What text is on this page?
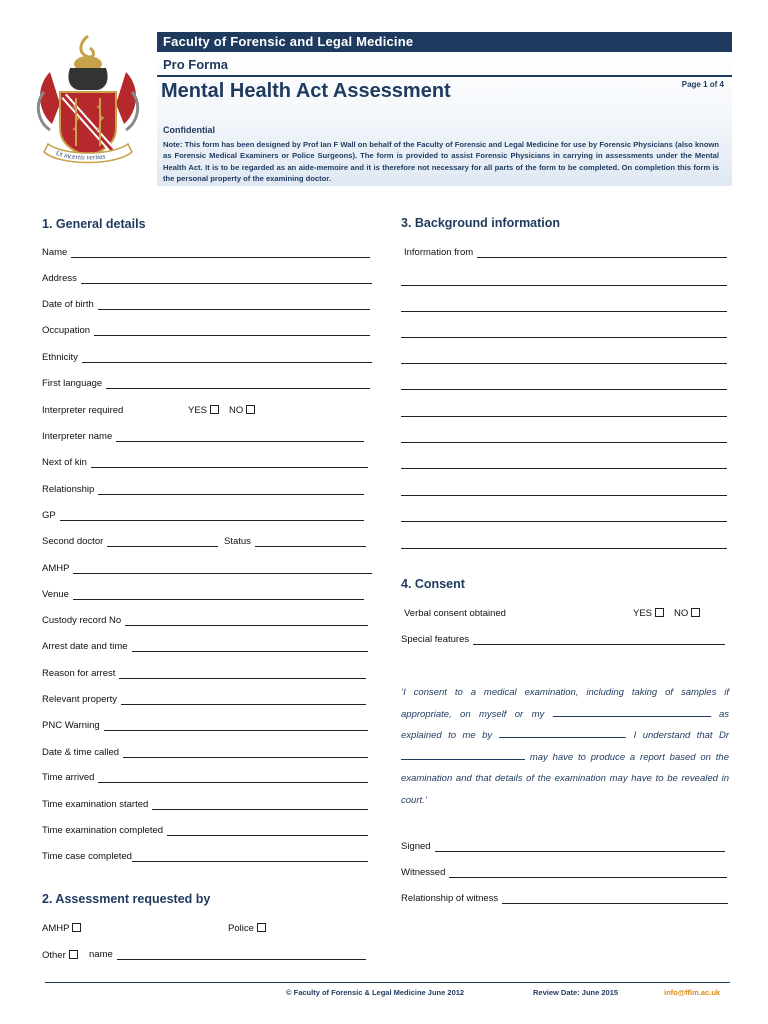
Ut incertis veritas
Faculty of Forensic and Legal Medicine
Pro Forma
Mental Health Act Assessment	Page 1 of 4
Confidential
Note: This form has been designed by Prof Ian F Wall on behalf of the Faculty of Forensic and Legal Medicine for use by Forensic Physicians (also known as Forensic Medical Examiners or Police Surgeons). The form is provided to assist Forensic Physicians in carrying in assessments under the Mental Health Act. It is to be regarded as an aide-memoire and it is therefore not necessary for all parts of the form to be completed. On completion this form is the personal property of the examining doctor.
1. General details
Name
Address
Date of birth
Occupation
Ethnicity
First language
Interpreter required	YES	NO
Interpreter name
Next of kin
Relationship
GP
Second doctor	Status
AMHP
Venue
Custody record No
Arrest date and time
Reason for arrest
Relevant property
PNC Warning
Date & time called
Time arrived
Time examination started
Time examination completed
Time case completed
2. Assessment requested by
AMHP	Police
Other	name
3. Background information
Information from
4. Consent
Verbal consent obtained	YES	NO
Special features
‘I consent to a medical examination, including taking of samples if appropriate, on myself or my	as explained to me by	. I understand that Dr  may have to produce a report based on the examination and that details of the examination may have to be revealed in court.’
Signed
Witnessed
Relationship of witness
© Faculty of Forensic & Legal Medicine June 2012	Review Date: June 2015	info@fflm.ac.uk
